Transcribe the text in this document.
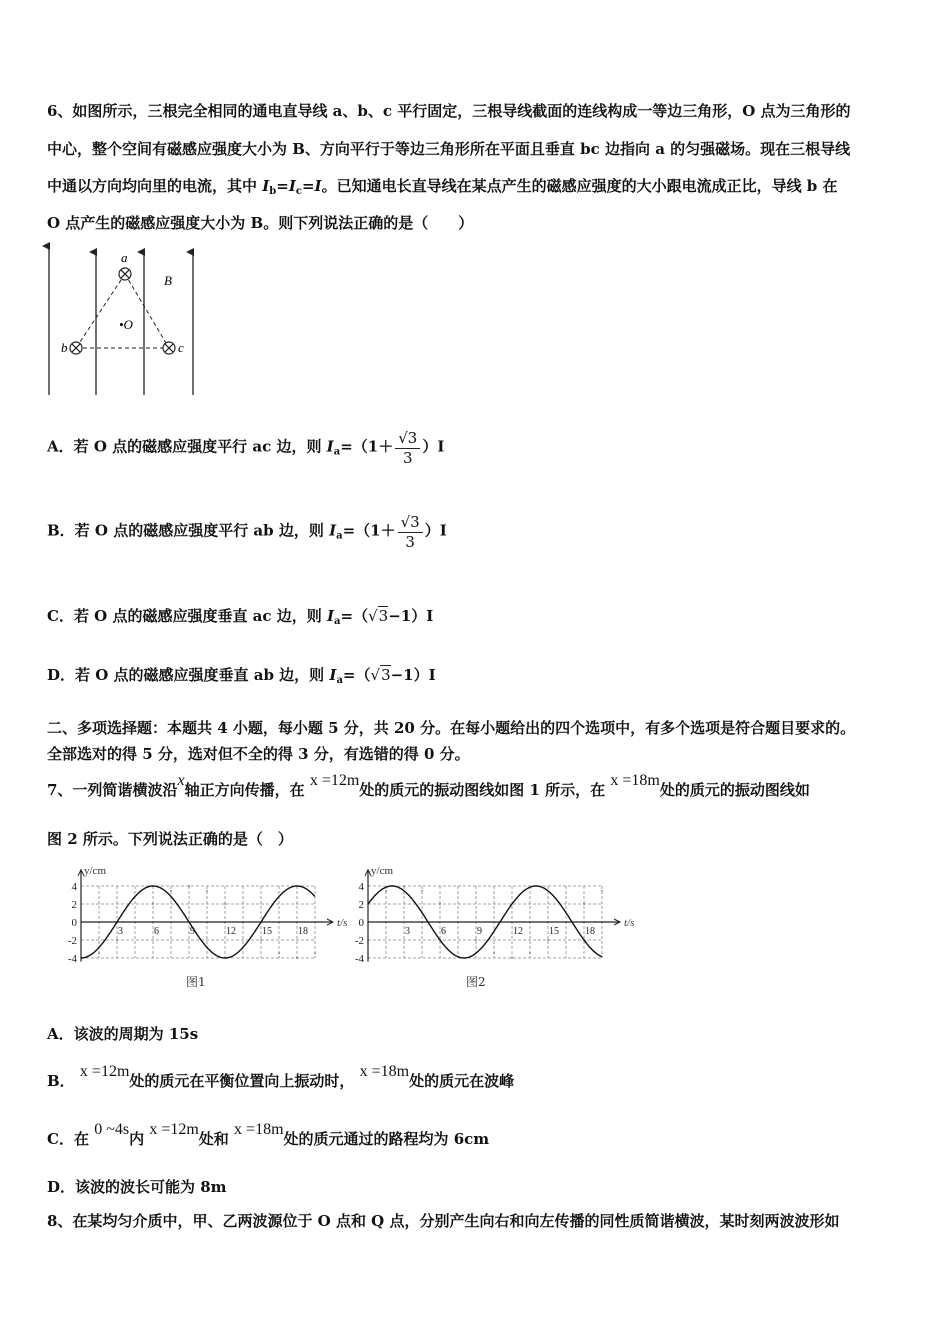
6、如图所示，三根完全相同的通电直导线 a、b、c 平行固定，三根导线截面的连线构成一等边三角形，O 点为三角形的
中心，整个空间有磁感应强度大小为 B、方向平行于等边三角形所在平面且垂直 bc 边指向 a 的匀强磁场。现在三根导线
中通以方向均向里的电流，其中 $I_b=I_c=I$。已知通电长直导线在某点产生的磁感应强度的大小跟电流成正比，导线 b 在
O 点产生的磁感应强度大小为 B。则下列说法正确的是（　　）
a
b	c
•O
B
A．若 O 点的磁感应强度平行 ac 边，则 $I_a=(1+ \frac{√3}{3} )I$
B．若 O 点的磁感应强度平行 ab 边，则 $I_a=(1+ \frac{√3}{3} )I$
C．若 O 点的磁感应强度垂直 ac 边，则 $I_a=(√3-1)I$
D．若 O 点的磁感应强度垂直 ab 边，则 $I_a=(√3-1)I$
二、多项选择题：本题共 4 小题，每小题 5 分，共 20 分。在每小题给出的四个选项中，有多个选项是符合题目要求的。
全部选对的得 5 分，选对但不全的得 3 分，有选错的得 0 分。
7、一列简谐横波沿x轴正方向传播，在 x =12m处的质元的振动图线如图 1 所示，在 x =18m处的质元的振动图线如
图 2 所示。下列说法正确的是（　）
y/cm
t/s
4
2
0
-2
-4
3	6	9	12	15	18
y/cm
t/s
4
2
0
-2
-4
3	6	9	12	15	18
图1	图2
A．该波的周期为 15s
B． x =12m处的质元在平衡位置向上振动时， x =18m处的质元在波峰
C．在 0 ~4s内 x =12m处和 x =18m处的质元通过的路程均为 6cm
D．该波的波长可能为 8m
8、在某均匀介质中，甲、乙两波源位于 O 点和 Q 点，分别产生向右和向左传播的同性质简谐横波，某时刻两波波形如
